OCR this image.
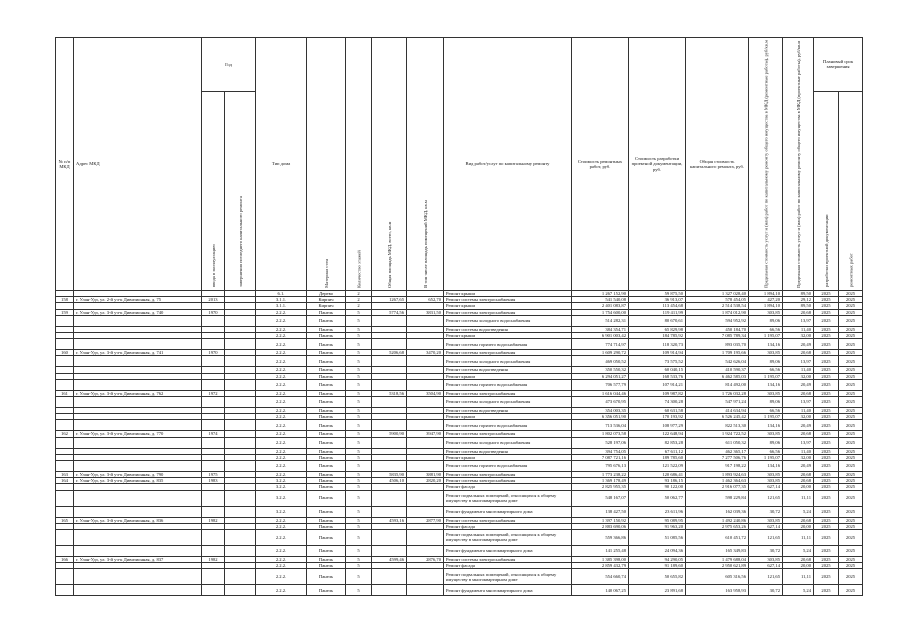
№ п/п МКД	Адрес МКД	Год		Тип дома	Материал стен	Количество этажей	Общая площадь МКД, всего, кв.м	В том числе площадь помещений МКД, кв.м	Вид работ/услуг по капитальному ремонту	Стоимость ремонтных работ, руб.	Стоимость разработки проектной документации, руб.	Общая стоимость капитального ремонта, руб.	Предельная стоимость услуг и (или) работ по капитальному ремонту общего имущества в МКД (ремонтные работы), руб/кв.м	Предельная стоимость услуг и (или) работ по капитальному ремонту общего имущества в МКД (проектные работы), руб/кв.м	Плановый срок завершения	
		ввода в эксплуатацию	завершения последнего капитального ремонта												разработки проектной документации	ремонтных работ
				6.1.	Дерево	2			Ремонт крыши	1 267 152,90	59 875,50	1 327 028,40	1 894,10	89,50	2025	2025
158	г. Улан-Удэ, ул. 2-й уч-к Дивизионная, д. 75	2013		3.1.1.	Кирпич	2	1267,65	652,70	Ремонт системы электроснабжения	541 540,08	36 913,07	578 454,05	427,20	29,12	2025	2025
				3.1.1.	Кирпич	2			Ремонт крыши	2 401 083,87	113 454,68	2 514 538,54	1 894,10	89,50	2025	2025
159	г. Улан-Удэ, ул. 3-й уч-к Дивизионная, д. 740	1970		2.2.2.	Панель	5	5774,56	3831,50	Ремонт системы электроснабжения	1 754 600,00	119 411,99	1 874 012,90	303,85	20,68	2025	2025
				2.2.2.	Панель	5			Ремонт системы холодного водоснабжения	514 282,31	80 670,61	594 952,92	89,06	13,97	2025	2025
				2.2.2.	Панель	5			Ремонт системы водоотведения	384 354,71	65 829,98	450 184,70	66,56	11,40	2025	2025
				2.2.2.	Панель	5			Ремонт крыши	6 901 003,42	184 785,92	7 085 789,34	1 195,07	32,00	2025	2025
				2.2.2.	Панель	5			Ремонт системы горячего водоснабжения	774 714,97	118 320,73	893 035,70	134,16	20,49	2025	2025
160	г. Улан-Удэ, ул. 3-й уч-к Дивизионная, д. 741	1970		2.2.2.	Панель	5	5206,68	3470,20	Ремонт системы электроснабжения	1 609 290,72	109 914,94	1 709 195,66	303,85	20,68	2025	2025
				2.2.2.	Панель	5			Ремонт системы холодного водоснабжения	469 050,52	73 575,52	542 626,04	89,06	13,97	2025	2025
				2.2.2.	Панель	5			Ремонт системы водоотведения	350 550,32	60 040,15	410 590,37	66,56	11,40	2025	2025
				2.2.2.	Панель	5			Ремонт крыши	6 294 051,27	168 533,76	6 462 585,03	1 195,07	32,00	2025	2025
				2.2.2.	Панель	5			Ремонт системы горячего водоснабжения	706 577,79	107 914,21	814 492,00	134,16	20,49	2025	2025
161	г. Улан-Удэ, ул. 3-й уч-к Дивизионная, д. 762	1972		2.2.2.	Панель	5	5318,56	3504,90	Ремонт системы электроснабжения	1 616 044,46	109 987,82	1 726 032,28	303,85	20,68	2025	2025
				2.2.2.	Панель	5			Ремонт системы холодного водоснабжения	473 670,95	74 300,28	547 971,24	89,06	13,97	2025	2025
				2.2.2.	Панель	5			Ремонт системы водоотведения	354 003,35	60 631,58	414 634,94	66,56	11,40	2025	2025
				2.2.2.	Панель	5			Ремонт крыши	6 356 051,90	170 193,92	6 526 245,42	1 195,07	32,00	2025	2025
				2.2.2.	Панель	5			Ремонт системы горячего водоснабжения	713 536,04	108 977,29	822 513,30	134,16	20,49	2025	2025
162	г. Улан-Удэ, ул. 3-й уч-к Дивизионная, д. 770	1974		2.2.2.	Панель	5	5900,90	3947,90	Ремонт системы электроснабжения	1 802 073,58	122 648,94	1 924 722,52	303,85	20,68	2025	2025
				2.2.2.	Панель	5			Ремонт системы холодного водоснабжения	528 197,06	82 853,28	611 050,32	89,06	13,97	2025	2025
				2.2.2.	Панель	5			Ремонт системы водоотведения	394 754,05	67 611,12	462 365,17	66,56	11,40	2025	2025
				2.2.2.	Панель	5			Ремонт крыши	7 087 721,16	189 785,60	7 277 506,76	1 195,07	32,00	2025	2025
				2.2.2.	Панель	5			Ремонт системы горячего водоснабжения	795 676,13	121 522,09	917 198,22	134,16	20,49	2025	2025
163	г. Улан-Удэ, ул. 3-й уч-к Дивизионная, д. 790	1975		2.2.2.	Панель	5	5835,90	3881,90	Ремонт системы электроснабжения	1 773 238,22	120 686,41	1 893 924,63	303,85	20,68	2025	2025
164	г. Улан-Удэ, ул. 3-й уч-к Дивизионная, д. 835	1983		3.2.2.	Панель	5	4506,10	2820,20	Ремонт системы электроснабжения	1 369 178,49	93 186,15	1 462 364,63	303,85	20,68	2025	2025
				3.2.2.	Панель	5			Ремонт фасада	2 825 955,35	90 122,00	2 916 077,35	627,14	20,00	2025	2025
				3.2.2.	Панель	5			Ремонт подвальных помещений, относящихся к общему имуществу в многоквартирном доме	548 167,07	50 062,77	598 229,84	121,65	11,11	2025	2025
				3.2.2.	Панель	5			Ремонт фундамента многоквартирного дома	138 427,50	23 611,96	162 039,36	30,72	5,24	2025	2025
165	г. Улан-Удэ, ул. 3-й уч-к Дивизионная, д. 836	1982		2.2.2.	Панель	5	4593,16	2877,90	Ремонт системы электроснабжения	1 397 150,92	95 089,95	1 492 240,86	303,85	20,68	2025	2025
				2.2.2.	Панель	5			Ремонт фасада	2 883 690,06	91 963,20	2 975 653,26	627,14	20,00	2025	2025
				2.2.2.	Панель	5			Ремонт подвальных помещений, относящихся к общему имуществу в многоквартирном доме	559 366,86	51 085,56	610 451,72	121,65	11,11	2025	2025
				2.2.2.	Панель	5			Ремонт фундамента многоквартирного дома	141 255,48	24 094,36	165 349,83	30,72	5,24	2025	2025
166	г. Улан-Удэ, ул. 3-й уч-к Дивизионная, д. 837	1982		2.2.2.	Панель	5	4599,46	2876,70	Ремонт системы электроснабжения	1 385 398,00	94 290,05	1 479 688,04	303,85	20,68	2025	2025
				2.2.2.	Панель	5			Ремонт фасада	2 859 432,79	91 189,60	2 950 621,89	627,14	20,00	2025	2025
				2.2.2.	Панель	5			Ремонт подвальных помещений, относящихся к общему имуществу в многоквартирном доме	554 660,74	50 655,82	605 316,56	121,65	11,11	2025	2025
				2.2.2.	Панель	5			Ремонт фундамента многоквартирного дома	140 067,25	23 891,68	163 958,93	30,72	5,24	2025	2025
